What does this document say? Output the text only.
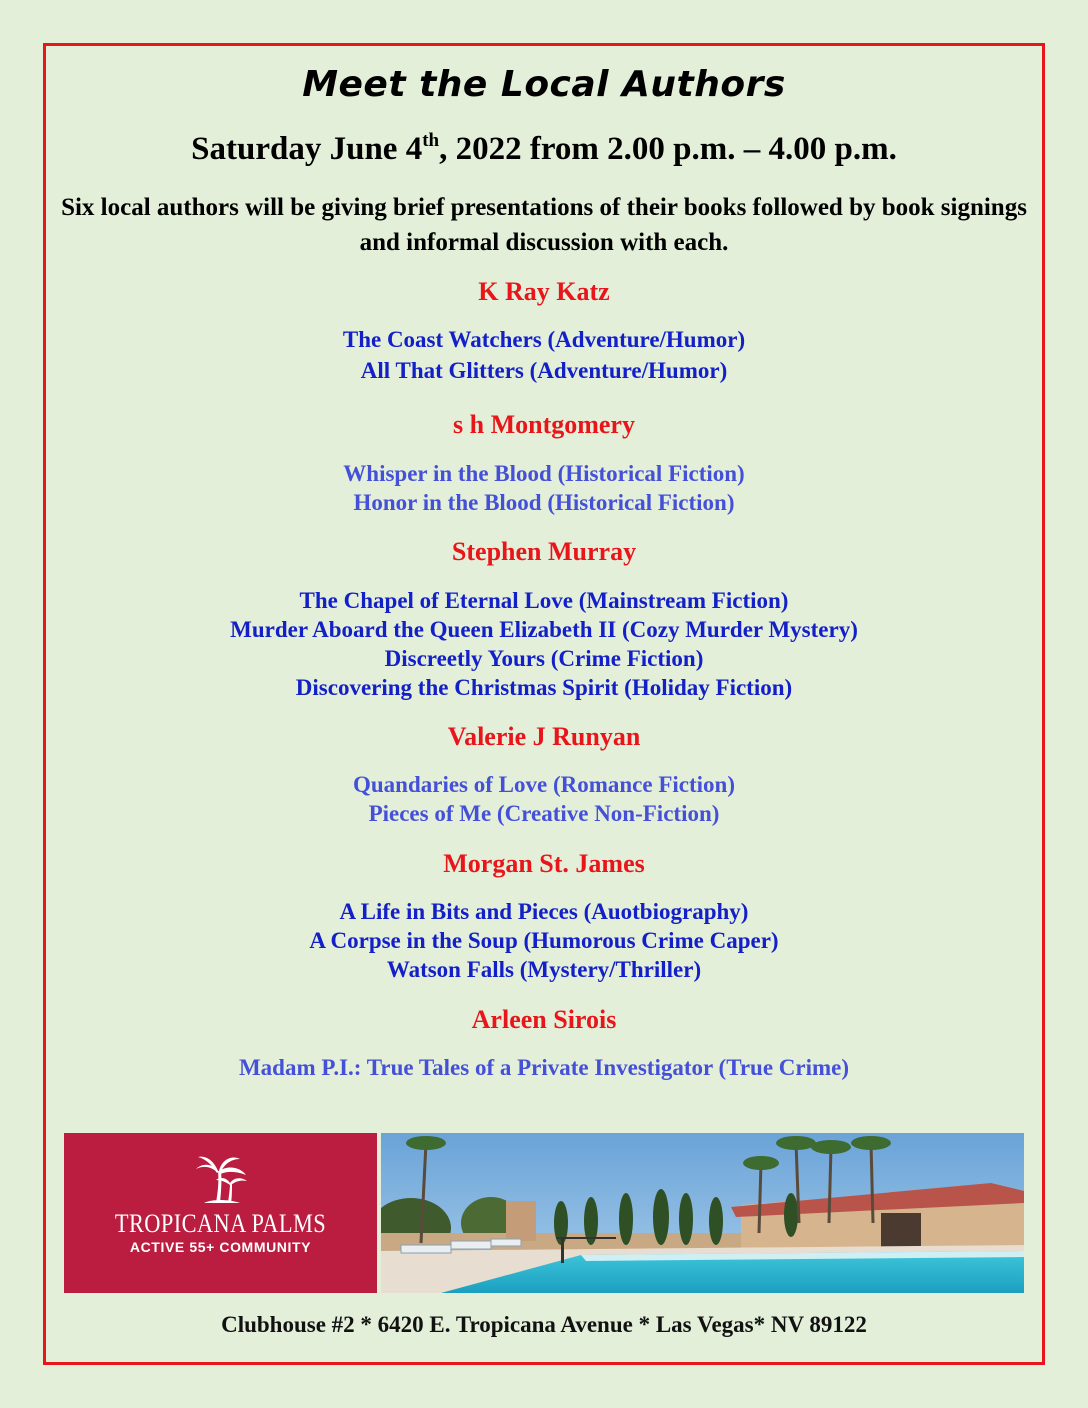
Meet the Local Authors
Saturday June 4th, 2022 from 2.00 p.m. – 4.00 p.m.
Six local authors will be giving brief presentations of their books followed by book signings and informal discussion with each.
K Ray Katz
The Coast Watchers (Adventure/Humor)
All That Glitters (Adventure/Humor)
s h Montgomery
Whisper in the Blood (Historical Fiction)
Honor in the Blood (Historical Fiction)
Stephen Murray
The Chapel of Eternal Love (Mainstream Fiction)
Murder Aboard the Queen Elizabeth II (Cozy Murder Mystery)
Discreetly Yours (Crime Fiction)
Discovering the Christmas Spirit (Holiday Fiction)
Valerie J Runyan
Quandaries of Love (Romance Fiction)
Pieces of Me (Creative Non-Fiction)
Morgan St. James
A Life in Bits and Pieces (Auotbiography)
A Corpse in the Soup (Humorous Crime Caper)
Watson Falls (Mystery/Thriller)
Arleen Sirois
Madam P.I.: True Tales of a Private Investigator (True Crime)
TROPICANA PALMS
ACTIVE 55+ COMMUNITY
Clubhouse #2 * 6420 E. Tropicana Avenue * Las Vegas* NV 89122
